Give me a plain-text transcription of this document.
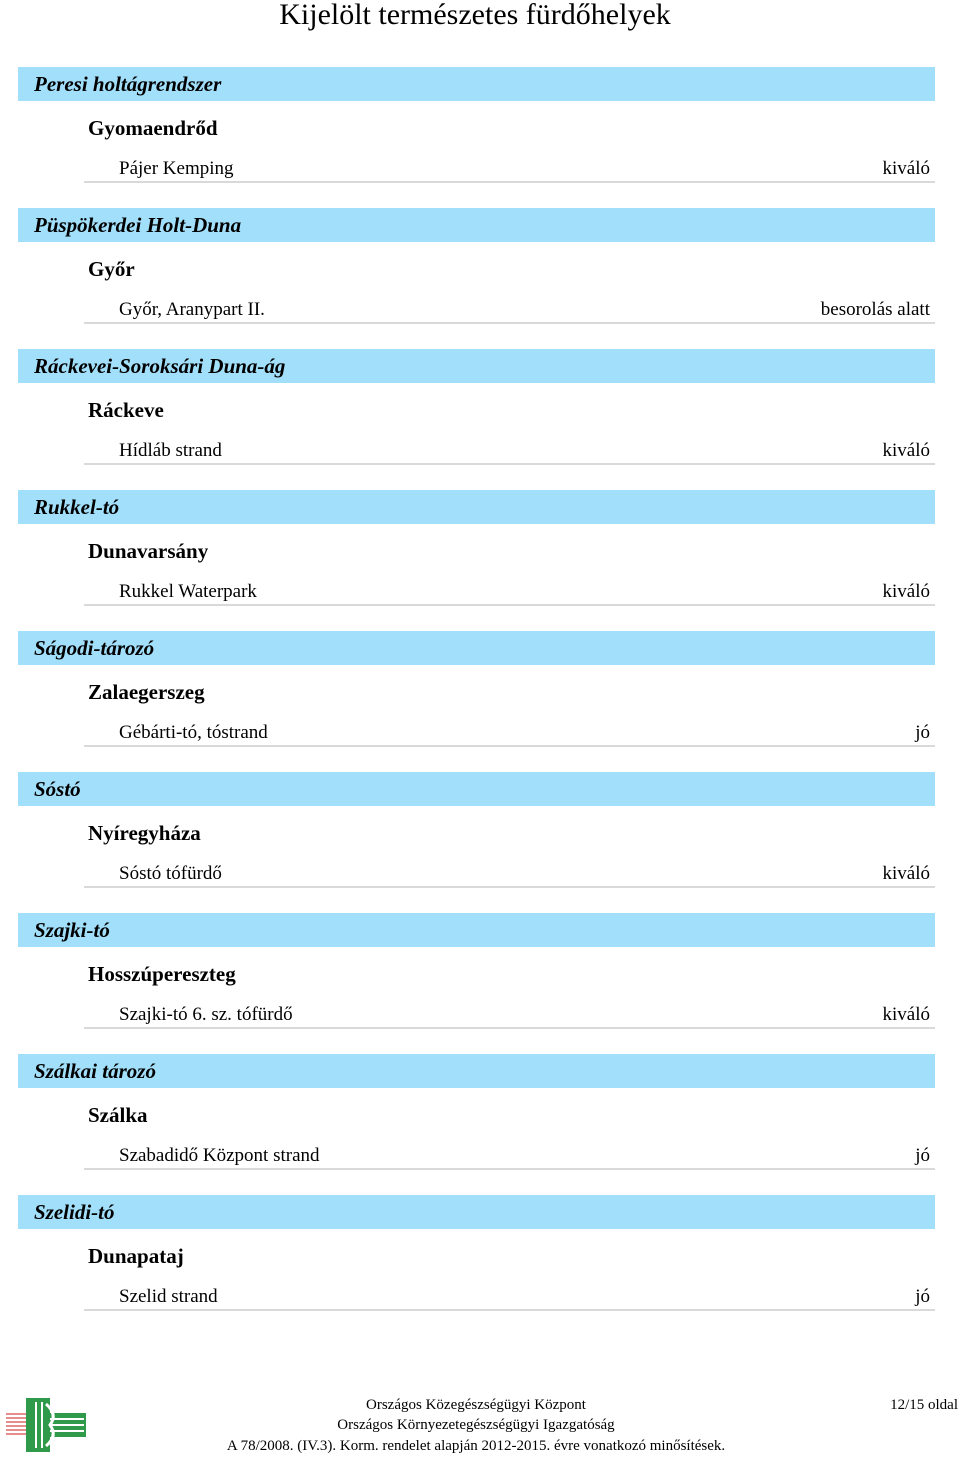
Kijelölt természetes fürdőhelyek
Peresi holtágrendszer
Gyomaendrőd
Pájer Kemping	kiváló
Püspökerdei Holt-Duna
Győr
Győr, Aranypart II.	besorolás alatt
Ráckevei-Soroksári Duna-ág
Ráckeve
Hídláb strand	kiváló
Rukkel-tó
Dunavarsány
Rukkel Waterpark	kiváló
Ságodi-tározó
Zalaegerszeg
Gébárti-tó, tóstrand	jó
Sóstó
Nyíregyháza
Sóstó tófürdő	kiváló
Szajki-tó
Hosszúpereszteg
Szajki-tó 6. sz. tófürdő	kiváló
Szálkai tározó
Szálka
Szabadidő Központ strand	jó
Szelidi-tó
Dunapataj
Szelid strand	jó
Országos Közegészségügyi Központ
Országos Környezetegészségügyi Igazgatóság
A 78/2008. (IV.3). Korm. rendelet alapján 2012-2015. évre vonatkozó minősítések.
12/15 oldal
